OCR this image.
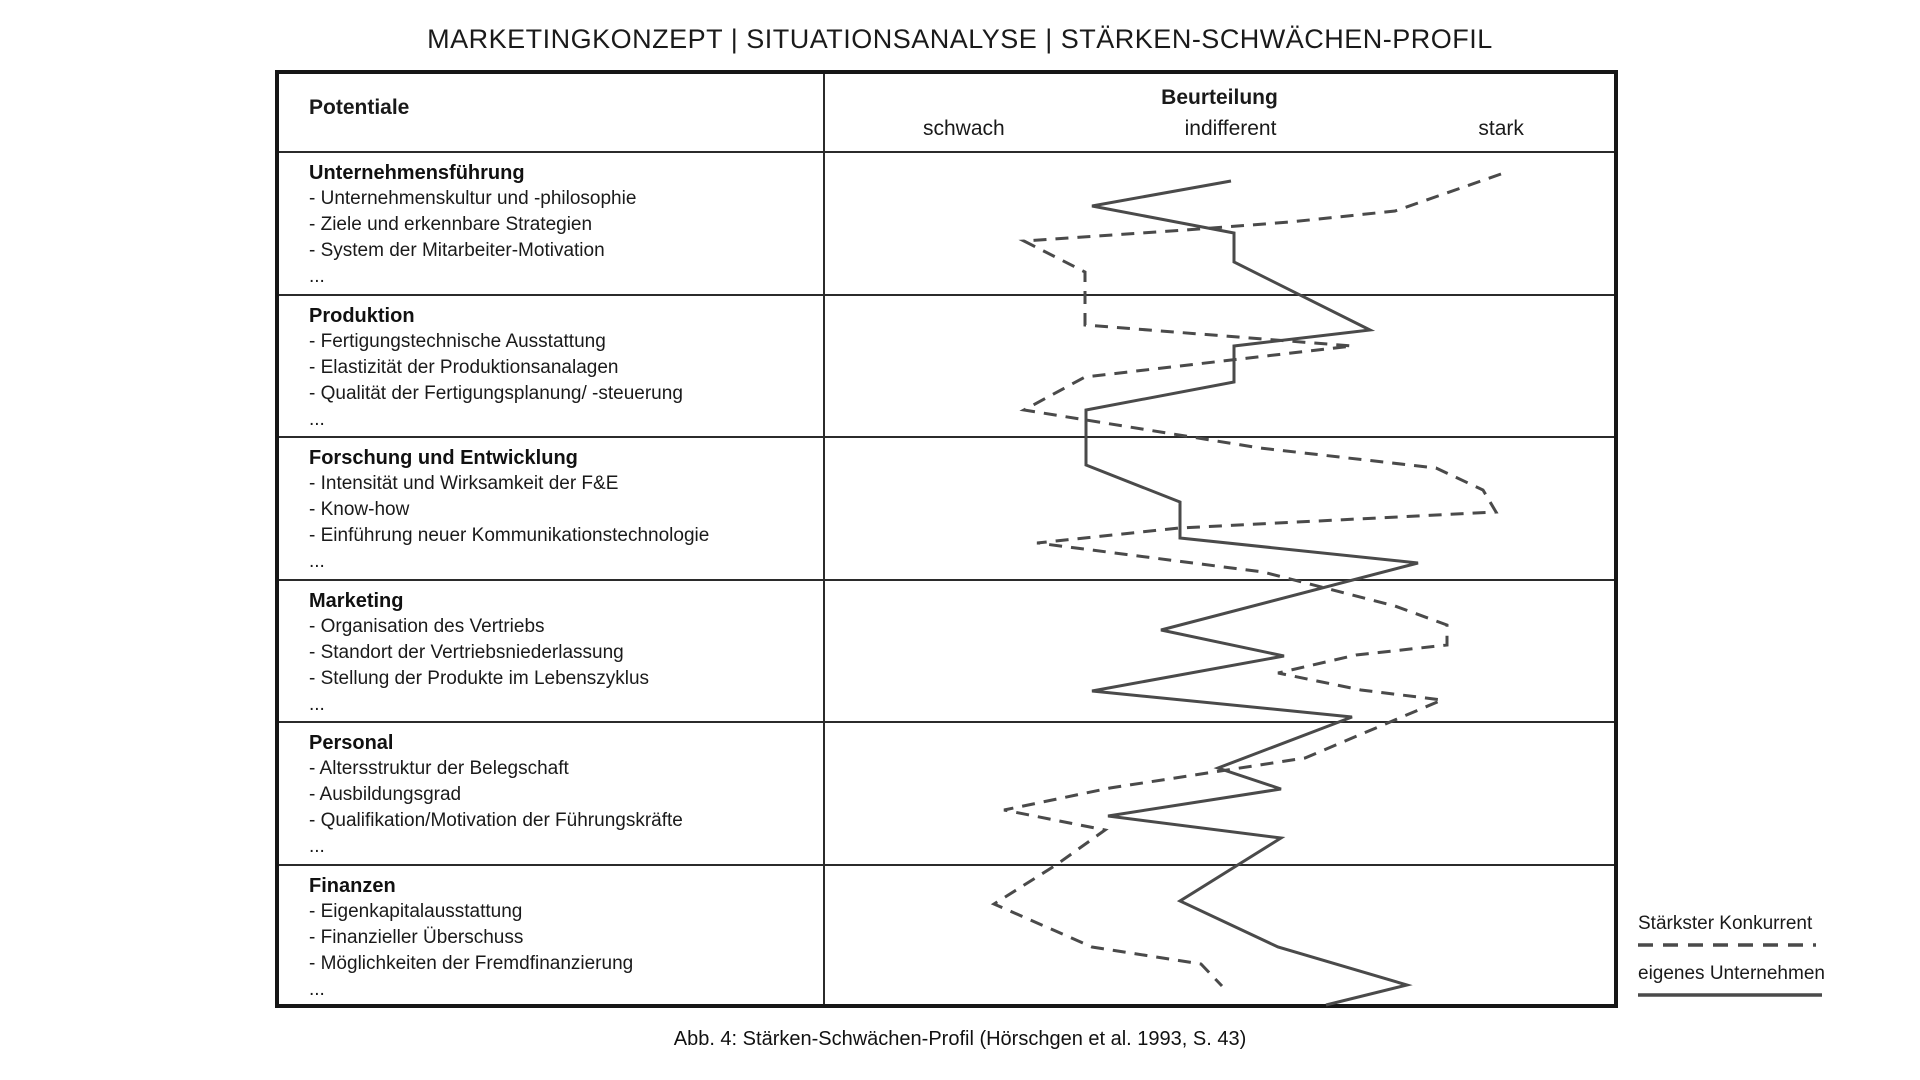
MARKETINGKONZEPT | SITUATIONSANALYSE | STÄRKEN-SCHWÄCHEN-PROFIL
Potentiale	Beurteilung
schwach	indifferent	stark
Unternehmensführung
- Unternehmenskultur und -philosophie
- Ziele und erkennbare Strategien
- System der Mitarbeiter-Motivation
...
Produktion
- Fertigungstechnische Ausstattung
- Elastizität der Produktionsanalagen
- Qualität der Fertigungsplanung/ -steuerung
...
Forschung und Entwicklung
- Intensität und Wirksamkeit der F&E
- Know-how
- Einführung neuer Kommunikationstechnologie
...
Marketing
- Organisation des Vertriebs
- Standort der Vertriebsniederlassung
- Stellung der Produkte im Lebenszyklus
...
Personal
- Altersstruktur der Belegschaft
- Ausbildungsgrad
- Qualifikation/Motivation der Führungskräfte
...
Finanzen
- Eigenkapitalausstattung
- Finanzieller Überschuss
- Möglichkeiten der Fremdfinanzierung
...
Stärkster Konkurrent
eigenes Unternehmen
Abb. 4: Stärken-Schwächen-Profil (Hörschgen et al. 1993, S. 43)
